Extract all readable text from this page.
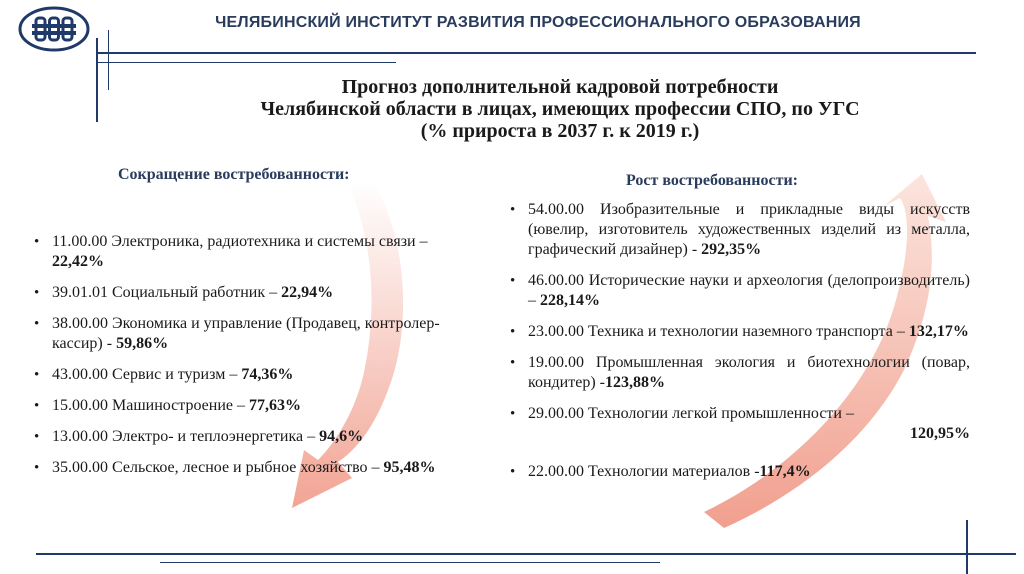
ЧЕЛЯБИНСКИЙ ИНСТИТУТ РАЗВИТИЯ ПРОФЕССИОНАЛЬНОГО ОБРАЗОВАНИЯ
Прогноз дополнительной кадровой потребности
Челябинской области в лицах, имеющих профессии СПО, по УГС
(% прироста в 2037 г. к 2019 г.)
Сокращение востребованности:	Рост востребованности:
• 11.00.00 Электроника, радиотехника и системы связи – 22,42%
• 39.01.01 Социальный работник – 22,94%
• 38.00.00 Экономика и управление (Продавец, контролер-кассир) - 59,86%
• 43.00.00 Сервис и туризм – 74,36%
• 15.00.00 Машиностроение – 77,63%
• 13.00.00 Электро- и теплоэнергетика – 94,6%
• 35.00.00 Сельское, лесное и рыбное хозяйство – 95,48%
• 54.00.00 Изобразительные и прикладные виды искусств (ювелир, изготовитель художественных изделий из металла, графический дизайнер) - 292,35%
• 46.00.00 Исторические науки и археология (делопроизводитель) – 228,14%
• 23.00.00 Техника и технологии наземного транспорта – 132,17%
• 19.00.00 Промышленная экология и биотехнологии (повар, кондитер) -123,88%
• 29.00.00 Технологии легкой промышленности –
120,95%
• 22.00.00 Технологии материалов -117,4%
